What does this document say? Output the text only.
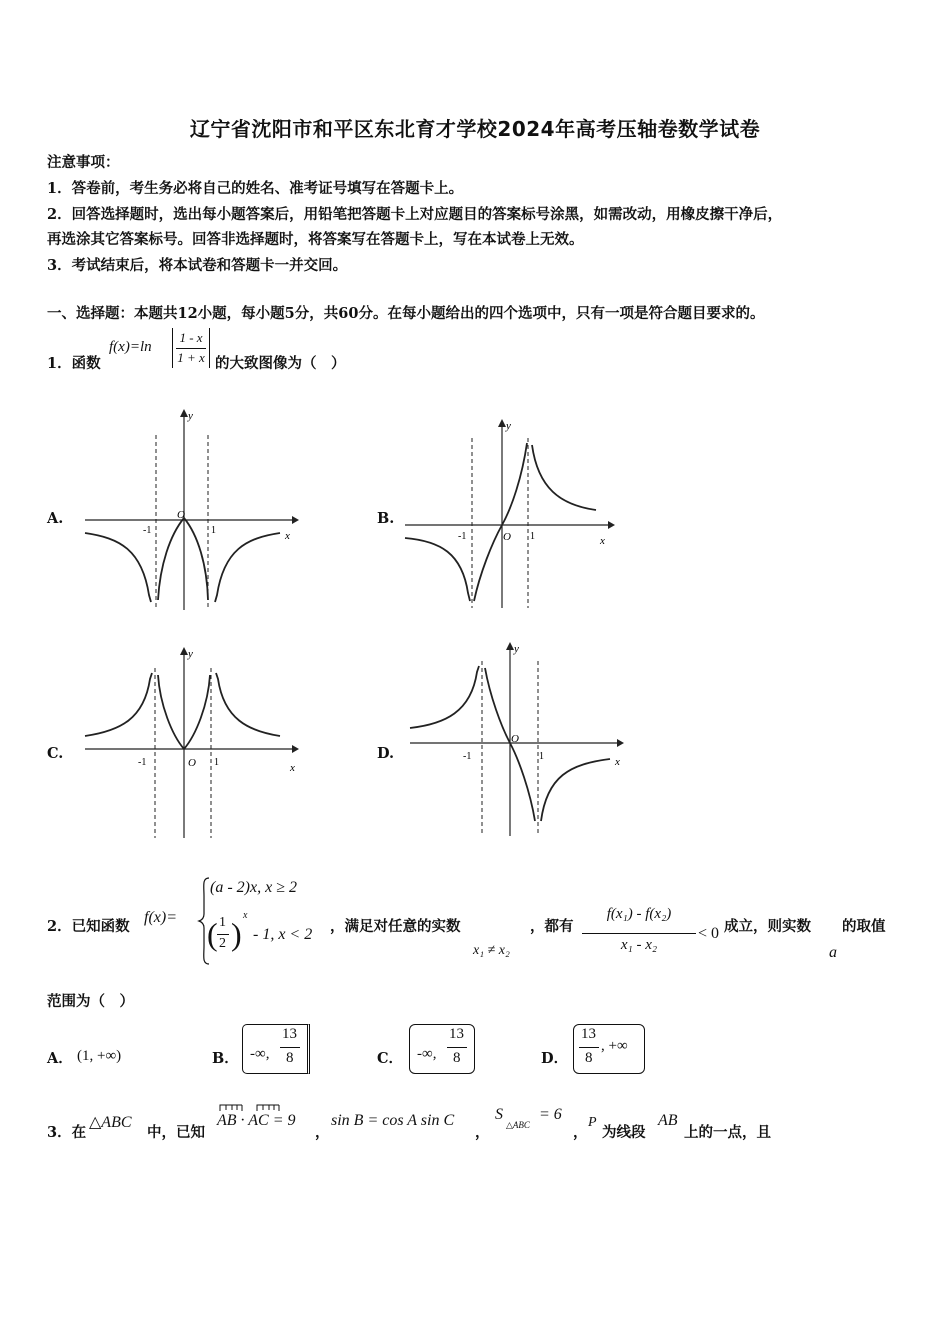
辽宁省沈阳市和平区东北育才学校2024年高考压轴卷数学试卷
注意事项：
1．答卷前，考生务必将自己的姓名、准考证号填写在答题卡上。
2．回答选择题时，选出每小题答案后，用铅笔把答题卡上对应题目的答案标号涂黑，如需改动，用橡皮擦干净后，
再选涂其它答案标号。回答非选择题时，将答案写在答题卡上，写在本试卷上无效。
3．考试结束后，将本试卷和答题卡一并交回。
一、选择题：本题共12小题，每小题5分，共60分。在每小题给出的四个选项中，只有一项是符合题目要求的。
1．函数
f(x)=ln
1 - x
1 + x 的大致图像为（　）
A.	B.
C.	D.
y
x
O
-1	1
y
x
O
-1	1
y
x
O
-1	1
y
x
O
-1	1
2．已知函数
f(x)=
(a - 2)x, x ≥ 2
( 1
2 )
x
- 1, x < 2 ，满足对任意的实数
x₁ ≠ x₂
，都有
f(x₁) - f(x₂)
x₁ - x₂
< 0 成立，则实数
a
的取值
范围为（　）
A． (1, +∞)	B． -∞,
13
8	C． -∞,
13
8	D．
13
8
, +∞
3．在
△ABC
中，已知
AB · AC = 9
，
sin B = cos A sin C
，
S
△ABC
= 6
，
P
为线段
AB
上的一点，且
